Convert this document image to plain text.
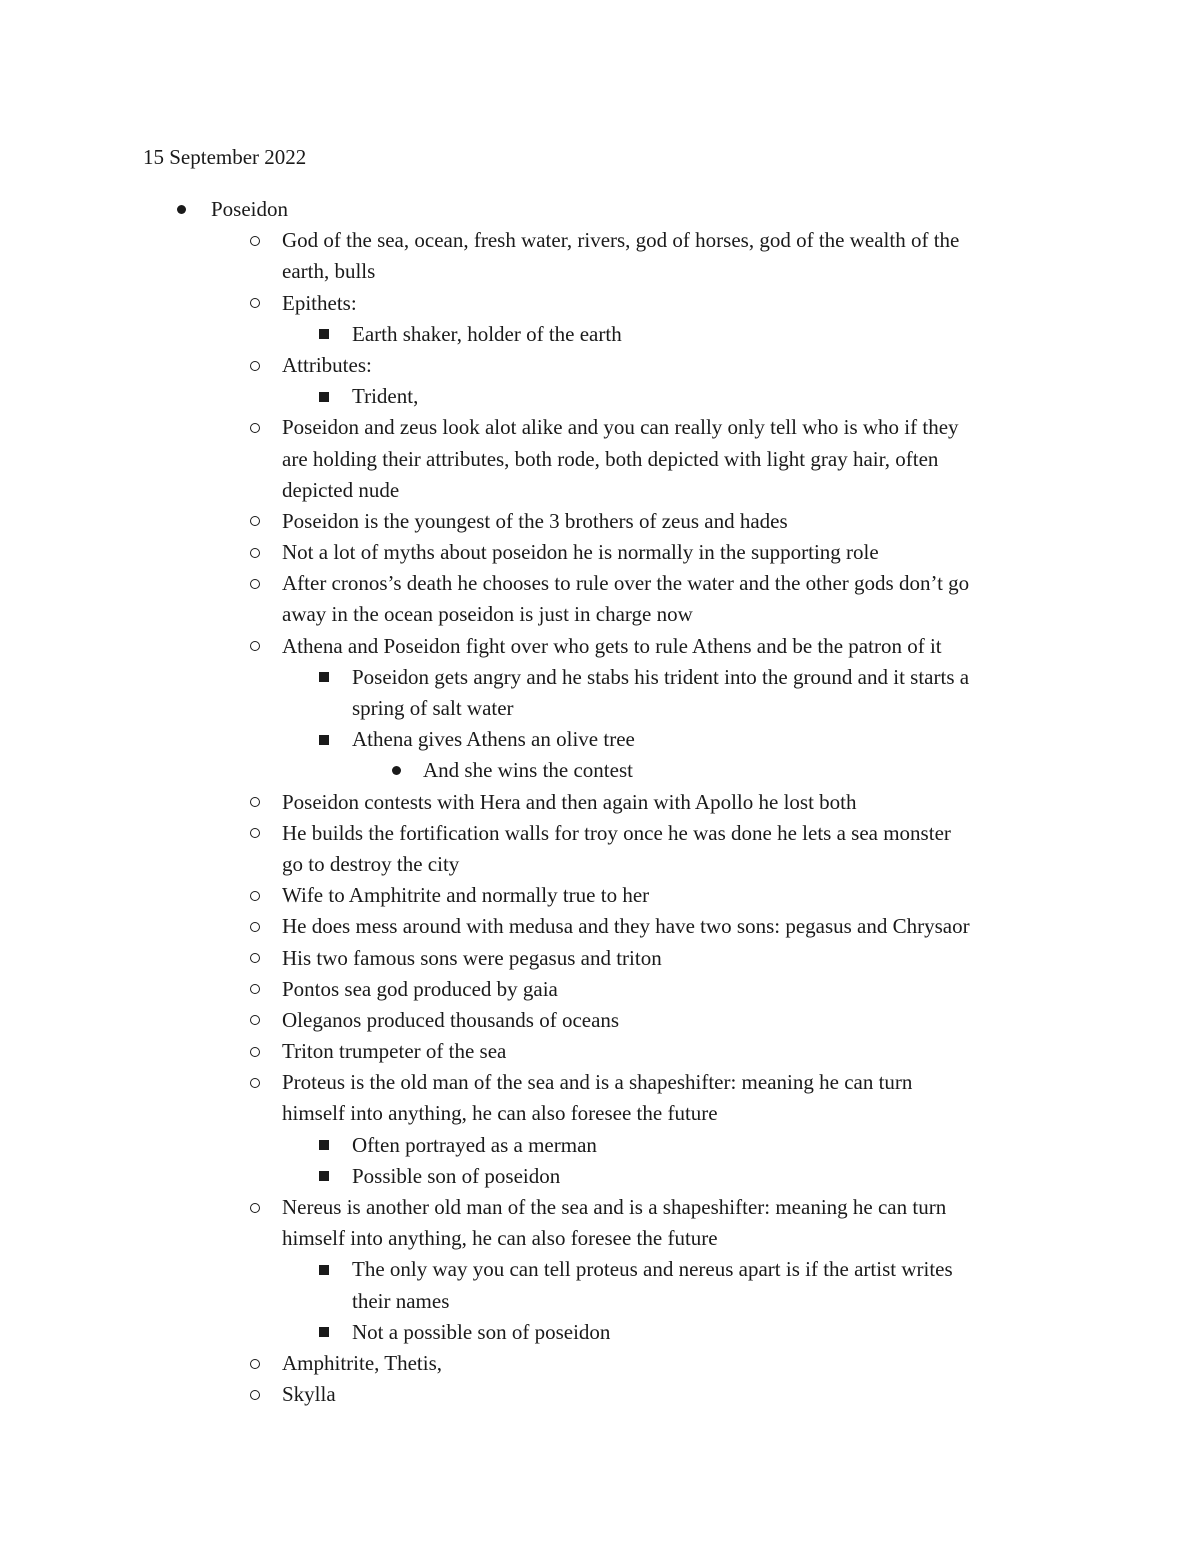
15 September 2022
Poseidon
God of the sea, ocean, fresh water, rivers, god of horses, god of the wealth of the
earth, bulls
Epithets:
Earth shaker, holder of the earth
Attributes:
Trident,
Poseidon and zeus look alot alike and you can really only tell who is who if they
are holding their attributes, both rode, both depicted with light gray hair, often
depicted nude
Poseidon is the youngest of the 3 brothers of zeus and hades
Not a lot of myths about poseidon he is normally in the supporting role
After cronos’s death he chooses to rule over the water and the other gods don’t go
away in the ocean poseidon is just in charge now
Athena and Poseidon fight over who gets to rule Athens and be the patron of it
Poseidon gets angry and he stabs his trident into the ground and it starts a
spring of salt water
Athena gives Athens an olive tree
And she wins the contest
Poseidon contests with Hera and then again with Apollo he lost both
He builds the fortification walls for troy once he was done he lets a sea monster
go to destroy the city
Wife to Amphitrite and normally true to her
He does mess around with medusa and they have two sons: pegasus and Chrysaor
His two famous sons were pegasus and triton
Pontos sea god produced by gaia
Oleganos produced thousands of oceans
Triton trumpeter of the sea
Proteus is the old man of the sea and is a shapeshifter: meaning he can turn
himself into anything, he can also foresee the future
Often portrayed as a merman
Possible son of poseidon
Nereus is another old man of the sea and is a shapeshifter: meaning he can turn
himself into anything, he can also foresee the future
The only way you can tell proteus and nereus apart is if the artist writes
their names
Not a possible son of poseidon
Amphitrite, Thetis,
Skylla
